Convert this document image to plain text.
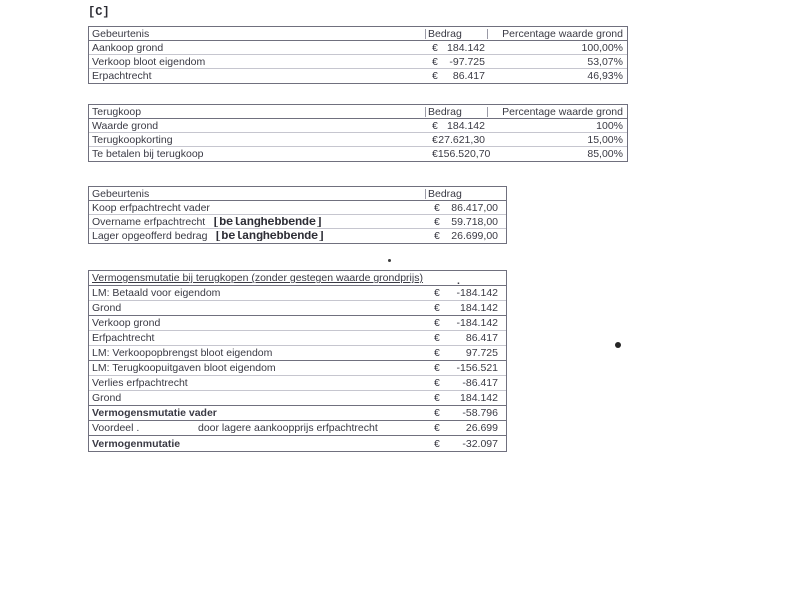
[C]
Gebeurtenis	Bedrag	Percentage waarde grond
Aankoop grond	€ 184.142	100,00%
Verkoop bloot eigendom	€ -97.725	53,07%
Erpachtrecht	€ 86.417	46,93%
Terugkoop	Bedrag	Percentage waarde grond
Waarde grond	€ 184.142	100%
Terugkoopkorting	€ 27.621,30	15,00%
Te betalen bij terugkoop	€ 156.520,70	85,00%
Gebeurtenis	Bedrag
Koop erfpachtrecht vader	€ 86.417,00
Overname erfpachtrecht [belanghebbende]	€ 59.718,00
Lager opgeofferd bedrag [belanghebbende]	€ 26.699,00
Vermogensmutatie bij terugkopen (zonder gestegen waarde grondprijs)	.
LM: Betaald voor eigendom	€ -184.142
Grond	€ 184.142
Verkoop grond	€ -184.142
Erfpachtrecht	€ 86.417
LM: Verkoopopbrengst bloot eigendom	€ 97.725
LM: Terugkoopuitgaven bloot eigendom	€ -156.521
Verlies erfpachtrecht	€ -86.417
Grond	€ 184.142
Vermogensmutatie vader	€ -58.796
Voordeel .	door lagere aankoopprijs erfpachtrecht	€ 26.699
Vermogenmutatie	€ -32.097
